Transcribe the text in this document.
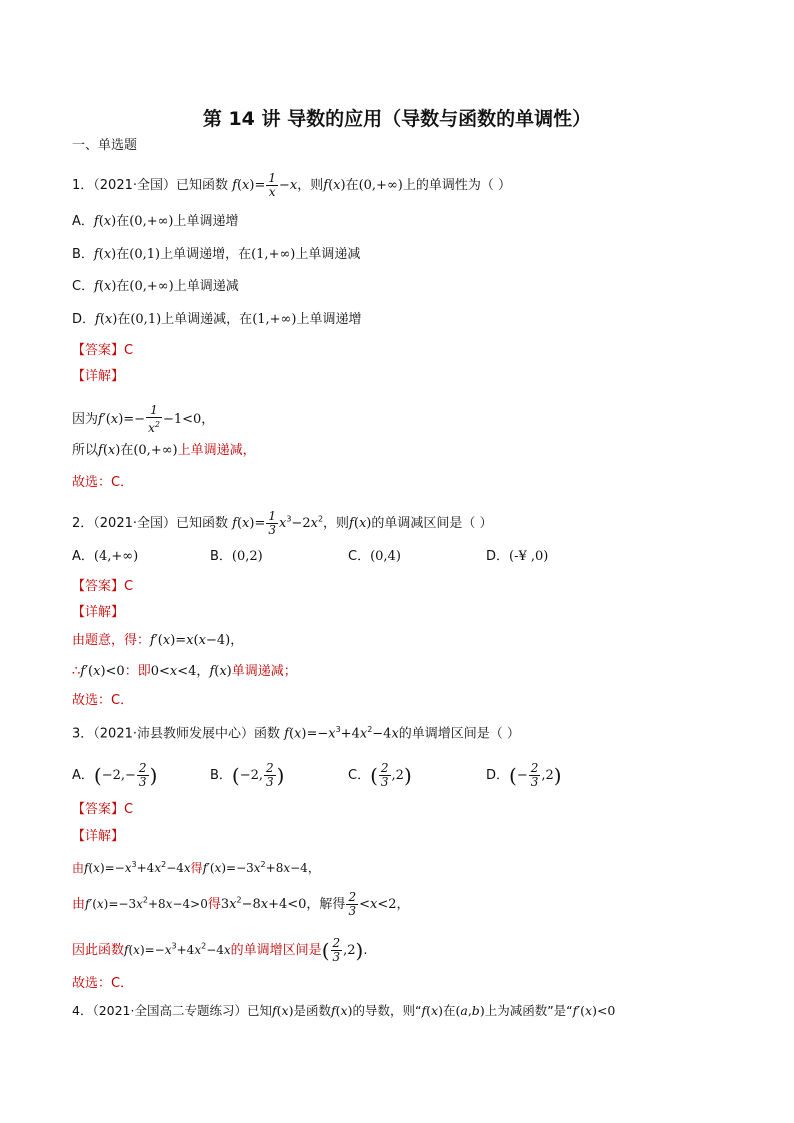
第 14 讲 导数的应用（导数与函数的单调性）
一、单选题
1．（2021·全国）已知函数 $f(x)= \frac{1}{x} -x$，则f(x)在(0,+∞)上的单调性为（ ）
A．f(x)在(0,+∞)上单调递增
B．f(x)在(0,1)上单调递增，在(1,+∞)上单调递减
C．f(x)在(0,+∞)上单调递减
D．f(x)在(0,1)上单调递减，在(1,+∞)上单调递增
【答案】C
【详解】
因为$f'(x)=- \frac{1}{x^2} -1<0$，
所以f(x)在(0,+∞)上单调递减，
故选：C．
2．（2021·全国）已知函数 $f(x)= \frac{1}{3} x^3-2x^2$，则f(x)的单调减区间是（ ）
A．(4,+∞)	B．(0,2)	C．(0,4)	D．(-¥ ,0)
【答案】C
【详解】
由题意，得：f′(x)=x(x−4)，
∴f′(x)<0：即0<x<4，f(x)单调递减；
故选：C．
3．（2021·沛县教师发展中心）函数 $f(x)=-x^3+4x^2-4x$的单调增区间是（ ）
A．($-2,- \frac{2}{3}$ )	B．(−2, $\frac{2}{3}$ )	C．( $\frac{2}{3} ,2$)	D．(− $\frac{2}{3} ,2$)
【答案】C
【详解】
由$f(x)=-x^3+4x^2-4x$得$f'(x)=-3x^2+8x-4$，
由$f'(x)=-3x^2+8x-4>0$得$3x^2-8x+4<0$，解得 $\frac{2}{3} <x<2$，
因此函数$f(x)=-x^3+4x^2-4x$的单调增区间是( $\frac{2}{3} ,2$).
故选：C．
4．（2021·全国高二专题练习）已知f(x)是函数f(x)的导数，则“f(x)在(a,b)上为减函数”是“f′(x)<0
